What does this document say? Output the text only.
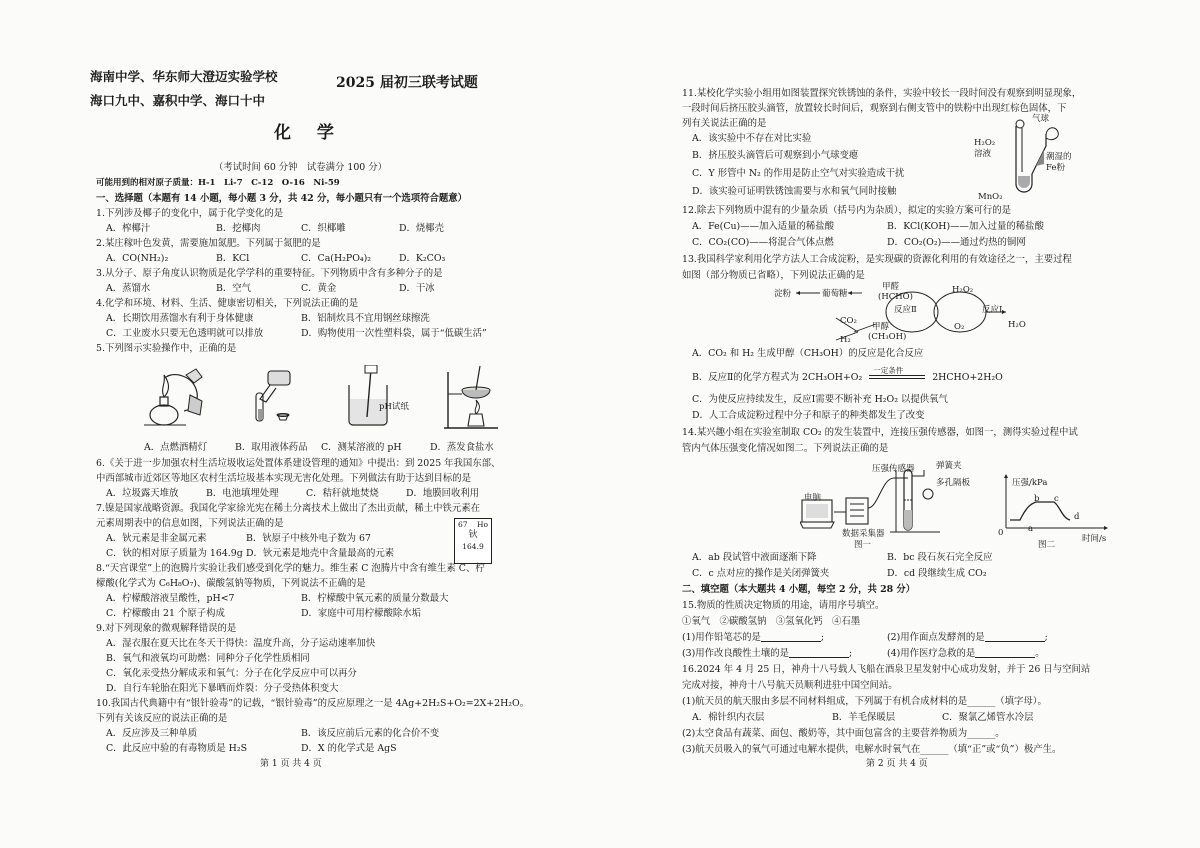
海南中学、华东师大澄迈实验学校
海口九中、嘉积中学、海口十中
2025 届初三联考试题
化 学
（考试时间 60 分钟　试卷满分 100 分）
可能用到的相对原子质量：H-1　Li-7　C-12　O-16　Ni-59
一、选择题（本题有 14 小题，每小题 3 分，共 42 分，每小题只有一个选项符合题意）
1.下列涉及椰子的变化中，属于化学变化的是
A．榨椰汁	B．挖椰肉	C．织椰雕	D．烧椰壳
2.某庄稼叶色发黄，需要施加氮肥。下列属于氮肥的是
A．CO(NH₂)₂	B．KCl	C．Ca(H₂PO₄)₂	D．K₂CO₃
3.从分子、原子角度认识物质是化学学科的重要特征。下列物质中含有多种分子的是
A．蒸馏水	B．空气	C．黄金	D．干冰
4.化学和环境、材料、生活、健康密切相关，下列说法正确的是
A．长期饮用蒸馏水有利于身体健康	B．铝制炊具不宜用钢丝球擦洗
C．工业废水只要无色透明就可以排放	D．购物使用一次性塑料袋，属于“低碳生活”
5.下列图示实验操作中，正确的是
pH试纸
A．点燃酒精灯	B．取用液体药品 C．测某溶液的 pH	D．蒸发食盐水
6.《关于进一步加强农村生活垃圾收运处置体系建设管理的通知》中提出：到 2025 年我国东部、
中西部城市近郊区等地区农村生活垃圾基本实现无害化处理。下列做法有助于达到目标的是
A．垃圾露天堆放	B．电池填埋处理	C．秸秆就地焚烧	D．地膜回收利用
7.镍是国家战略资源。我国化学家徐光宪在稀土分离技术上做出了杰出贡献，稀土中铁元素在
元素周期表中的信息如图，下列说法正确的是
A．钬元素是非金属元素	B．钬原子中核外电子数为 67
C．钬的相对原子质量为 164.9g D．钬元素是地壳中含量最高的元素
67 Ho
钬
164.9
8.“天宫课堂”上的泡腾片实验让我们感受到化学的魅力。维生素 C 泡腾片中含有维生素 C、柠
檬酸(化学式为 C₆H₈O₇)、碳酸氢钠等物质，下列说法不正确的是
A．柠檬酸溶液呈酸性，pH<7	B．柠檬酸中氧元素的质量分数最大
C．柠檬酸由 21 个原子构成	D．家庭中可用柠檬酸除水垢
9.对下列现象的微观解释错误的是
A．湿衣服在夏天比在冬天干得快：温度升高，分子运动速率加快
B．氧气和液氧均可助燃：同种分子化学性质相同
C．氧化汞受热分解成汞和氧气：分子在化学反应中可以再分
D．自行车轮胎在阳光下暴晒而炸裂：分子受热体积变大
10.我国古代典籍中有“银针验毒”的记载，“银针验毒”的反应原理之一是 4Ag+2H₂S+O₂=2X+2H₂O。
下列有关该反应的说法正确的是
A．反应涉及三种单质	B．该反应前后元素的化合价不变
C．此反应中验的有毒物质是 H₂S	D．X 的化学式是 AgS
第 1 页 共 4 页
11.某校化学实验小组用如图装置探究铁锈蚀的条件，实验中较长一段时间没有观察到明显现象，
一段时间后挤压胶头滴管，放置较长时间后，观察到右侧支管中的铁粉中出现红棕色固体，下
列有关说法正确的是
A．该实验中不存在对比实验
B．挤压胶头滴管后可观察到小气球变瘪
C．Y 形管中 N₂ 的作用是防止空气对实验造成干扰
D．该实验可证明铁锈蚀需要与水和氧气同时接触
气球
H₂O₂
溶液	潮湿的
Fe粉
MnO₂
12.除去下列物质中混有的少量杂质（括号内为杂质），拟定的实验方案可行的是
A．Fe(Cu)——加入适量的稀盐酸	B．KCl(KOH)——加入过量的稀盐酸
C．CO₂(CO)——将混合气体点燃	D．CO₂(O₂)——通过灼热的铜网
13.我国科学家利用化学方法人工合成淀粉，是实现碳的资源化利用的有效途径之一，主要过程
如图（部分物质已省略），下列说法正确的是
淀粉	葡萄糖
甲醛
(HCHO)
反应Ⅱ
H₂O₂
反应Ⅰ
CO₂
H₂
甲醇
(CH₃OH)
O₂	H₂O
A．CO₂ 和 H₂ 生成甲醇（CH₃OH）的反应是化合反应
B．反应Ⅱ的化学方程式为 2CH₃OH+O₂
一定条件
2HCHO+2H₂O
C．为使反应持续发生，反应Ⅰ需要不断补充 H₂O₂ 以提供氧气
D．人工合成淀粉过程中分子和原子的种类都发生了改变
14.某兴趣小组在实验室制取 CO₂ 的发生装置中，连接压强传感器，如图一，测得实验过程中试
管内气体压强变化情况如图二。下列说法正确的是
压强传感器	弹簧夹
多孔隔板
电脑
数据采集器
图一
压强/kPa
a
b c
d
0
时间/s
图二
A．ab 段试管中液面逐渐下降	B．bc 段石灰石完全反应
C．c 点对应的操作是关闭弹簧夹	D．cd 段继续生成 CO₂
二、填空题（本大题共 4 小题，每空 2 分，共 28 分）
15.物质的性质决定物质的用途，请用序号填空。
①氧气　②碳酸氢钠　③氢氧化钙　④石墨
(1)用作铅笔芯的是	;	(2)用作面点发酵剂的是	;
(3)用作改良酸性土壤的是	;	(4)用作医疗急救的是	。
16.2024 年 4 月 25 日，神舟十八号载人飞船在酒泉卫星发射中心成功发射，并于 26 日与空间站
完成对接，神舟十八号航天员顺利进驻中国空间站。
(1)航天员的航天服由多层不同材料组成，下列属于有机合成材料的是______（填字母）。
A．棉针织内衣层	B．羊毛保暖层	C．聚氯乙烯管水冷层
(2)太空食品有蔬菜、面包、酸奶等，其中面包富含的主要营养物质为______。
(3)航天员吸入的氧气可通过电解水提供，电解水时氧气在______（填“正”或“负”）极产生。
第 2 页 共 4 页
